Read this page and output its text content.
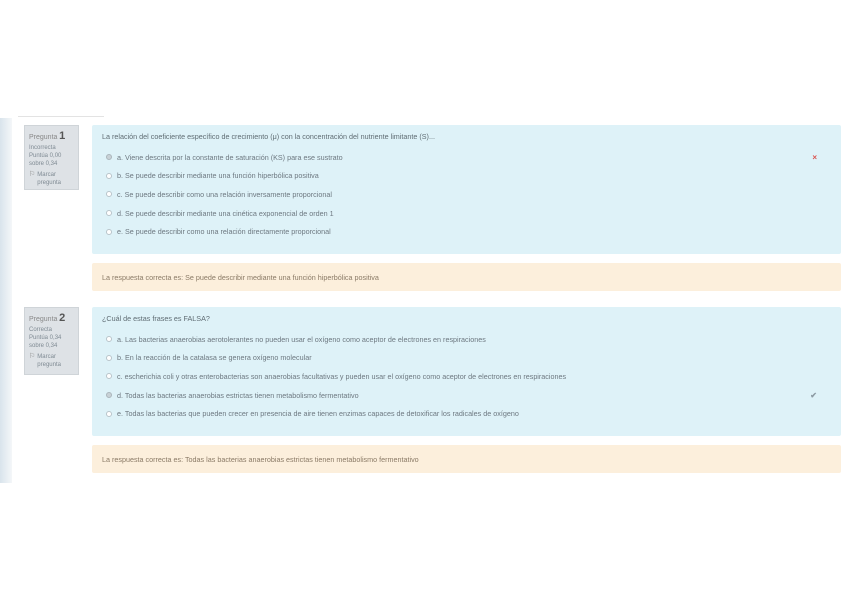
Pregunta 1
Incorrecta
Puntúa 0,00 sobre 0,34
⚐ Marcar pregunta
La relación del coeficiente específico de crecimiento (μ) con la concentración del nutriente limitante (S)...
a. Viene descrita por la constante de saturación (KS) para ese sustrato	×
b. Se puede describir mediante una función hiperbólica positiva
c. Se puede describir como una relación inversamente proporcional
d. Se puede describir mediante una cinética exponencial de orden 1
e. Se puede describir como una relación directamente proporcional
La respuesta correcta es: Se puede describir mediante una función hiperbólica positiva
Pregunta 2
Correcta
Puntúa 0,34 sobre 0,34
⚐ Marcar pregunta
¿Cuál de estas frases es FALSA?
a. Las bacterias anaerobias aerotolerantes no pueden usar el oxígeno como aceptor de electrones en respiraciones
b. En la reacción de la catalasa se genera oxígeno molecular
c. escherichia coli y otras enterobacterias son anaerobias facultativas y pueden usar el oxígeno como aceptor de electrones en respiraciones
d. Todas las bacterias anaerobias estrictas tienen metabolismo fermentativo	✔
e. Todas las bacterias que pueden crecer en presencia de aire tienen enzimas capaces de detoxificar los radicales de oxígeno
La respuesta correcta es: Todas las bacterias anaerobias estrictas tienen metabolismo fermentativo
